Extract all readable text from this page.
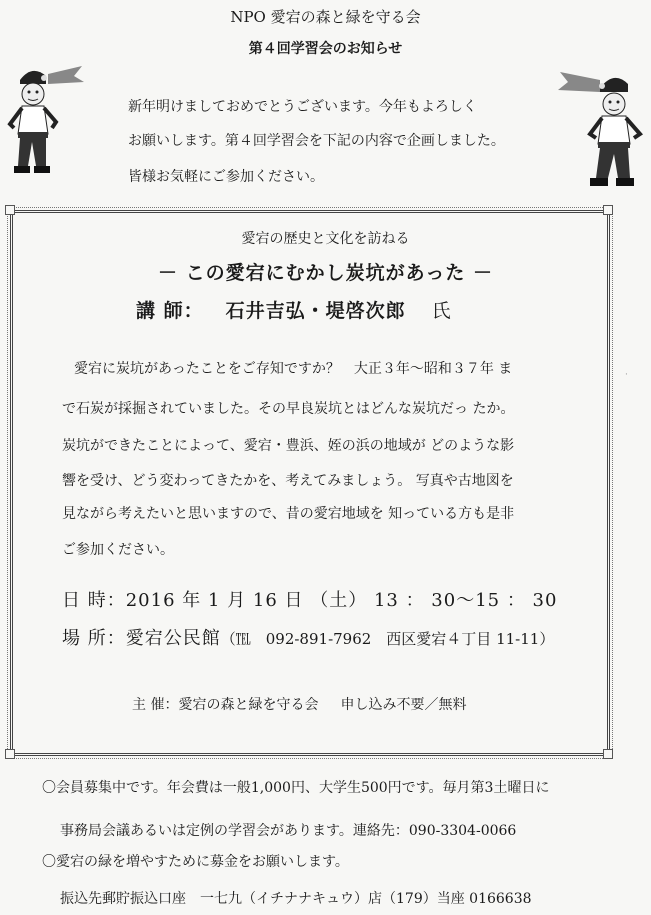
NPO 愛宕の森と緑を守る会
第４回学習会のお知らせ
新年明けましておめでとうございます。今年もよろしく
お願いします。第４回学習会を下記の内容で企画しました。
皆様お気軽にご参加ください。
愛宕の歴史と文化を訪ねる
－ この愛宕にむかし炭坑があった －
講 師： 石井吉弘・堤啓次郎 氏
愛宕に炭坑があったことをご存知ですか？　大正３年〜昭和３７年 ま
で石炭が採掘されていました。その早良炭坑とはどんな炭坑だっ たか。
炭坑ができたことによって、愛宕・豊浜、姪の浜の地域が どのような影
響を受け、どう変わってきたかを、考えてみましょう。 写真や古地図を
見ながら考えたいと思いますので、昔の愛宕地域を 知っている方も是非
ご参加ください。
日 時：2016 年 1 月 16 日 （土） 13 ： 30〜15 ： 30
場 所：愛宕公民館（℡　092-891-7962　西区愛宕４丁目 11-11）
主 催：愛宕の森と緑を守る会 申し込み不要／無料
〇会員募集中です。年会費は一般1,000円、大学生500円です。毎月第3土曜日に
事務局会議あるいは定例の学習会があります。連絡先：090-3304-0066
〇愛宕の緑を増やすために募金をお願いします。
振込先郵貯振込口座　一七九（イチナナキュウ）店（179）当座 0166638
·
